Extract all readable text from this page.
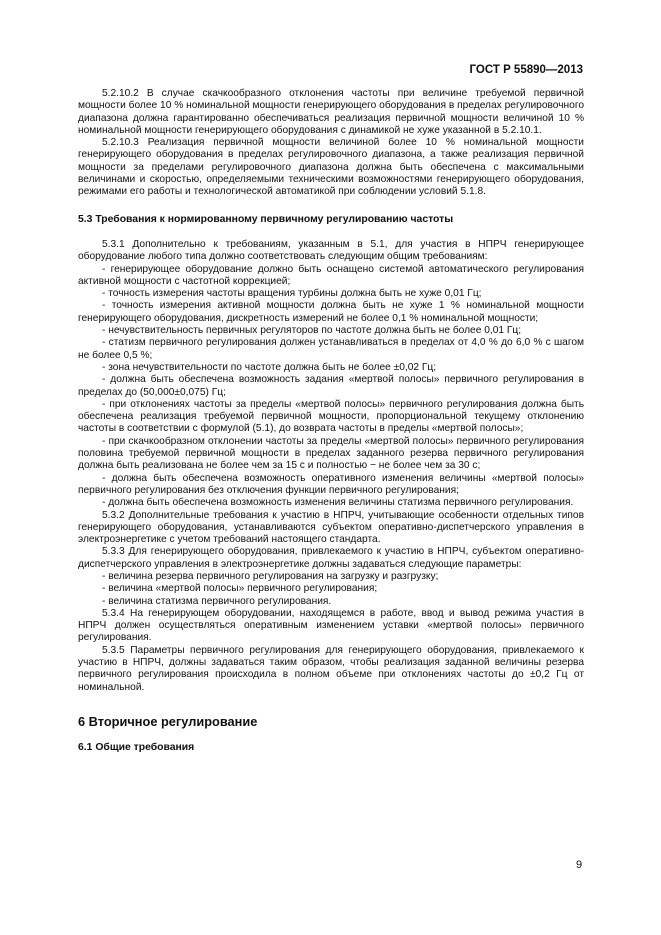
ГОСТ Р 55890—2013

5.2.10.2 В случае скачкообразного отклонения частоты при величине требуемой первичной мощности более 10 % номинальной мощности генерирующего оборудования в пределах регулировочного диапазона должна гарантированно обеспечиваться реализация первичной мощности величиной 10 % номинальной мощности генерирующего оборудования с динамикой не хуже указанной в 5.2.10.1.

5.2.10.3 Реализация первичной мощности величиной более 10 % номинальной мощности генерирующего оборудования в пределах регулировочного диапазона, а также реализация первичной мощности за пределами регулировочного диапазона должна быть обеспечена с максимальными величинами и скоростью, определяемыми техническими возможностями генерирующего оборудования, режимами его работы и технологической автоматикой при соблюдении условий 5.1.8.

5.3 Требования к нормированному первичному регулированию частоты

5.3.1 Дополнительно к требованиям, указанным в 5.1, для участия в НПРЧ генерирующее оборудование любого типа должно соответствовать следующим общим требованиям:

- генерирующее оборудование должно быть оснащено системой автоматического регулирования активной мощности с частотной коррекцией;

- точность измерения частоты вращения турбины должна быть не хуже 0,01 Гц;

- точность измерения активной мощности должна быть не хуже 1 % номинальной мощности генерирующего оборудования, дискретность измерений не более 0,1 % номинальной мощности;

- нечувствительность первичных регуляторов по частоте должна быть не более 0,01 Гц;

- статизм первичного регулирования должен устанавливаться в пределах от 4,0 % до 6,0 % с шагом не более 0,5 %;

- зона нечувствительности по частоте должна быть не более ±0,02 Гц;

- должна быть обеспечена возможность задания «мертвой полосы» первичного регулирования в пределах до (50,000±0,075) Гц;

- при отклонениях частоты за пределы «мертвой полосы» первичного регулирования должна быть обеспечена реализация требуемой первичной мощности, пропорциональной текущему отклонению частоты в соответствии с формулой (5.1), до возврата частоты в пределы «мертвой полосы»;

- при скачкообразном отклонении частоты за пределы «мертвой полосы» первичного регулирования половина требуемой первичной мощности в пределах заданного резерва первичного регулирования должна быть реализована не более чем за 15 с и полностью − не более чем за 30 с;

- должна быть обеспечена возможность оперативного изменения величины «мертвой полосы» первичного регулирования без отключения функции первичного регулирования;

- должна быть обеспечена возможность изменения величины статизма первичного регулирования.

5.3.2 Дополнительные требования к участию в НПРЧ, учитывающие особенности отдельных типов генерирующего оборудования, устанавливаются субъектом оперативно-диспетчерского управления в электроэнергетике с учетом требований настоящего стандарта.

5.3.3 Для генерирующего оборудования, привлекаемого к участию в НПРЧ, субъектом оперативно-диспетчерского управления в электроэнергетике должны задаваться следующие параметры:

- величина резерва первичного регулирования на загрузку и разгрузку;

- величина «мертвой полосы» первичного регулирования;

- величина статизма первичного регулирования.

5.3.4 На генерирующем оборудовании, находящемся в работе, ввод и вывод режима участия в НПРЧ должен осуществляться оперативным изменением уставки «мертвой полосы» первичного регулирования.

5.3.5 Параметры первичного регулирования для генерирующего оборудования, привлекаемого к участию в НПРЧ, должны задаваться таким образом, чтобы реализация заданной величины резерва первичного регулирования происходила в полном объеме при отклонениях частоты до ±0,2 Гц от номинальной.

6 Вторичное регулирование
6.1 Общие требования
9
